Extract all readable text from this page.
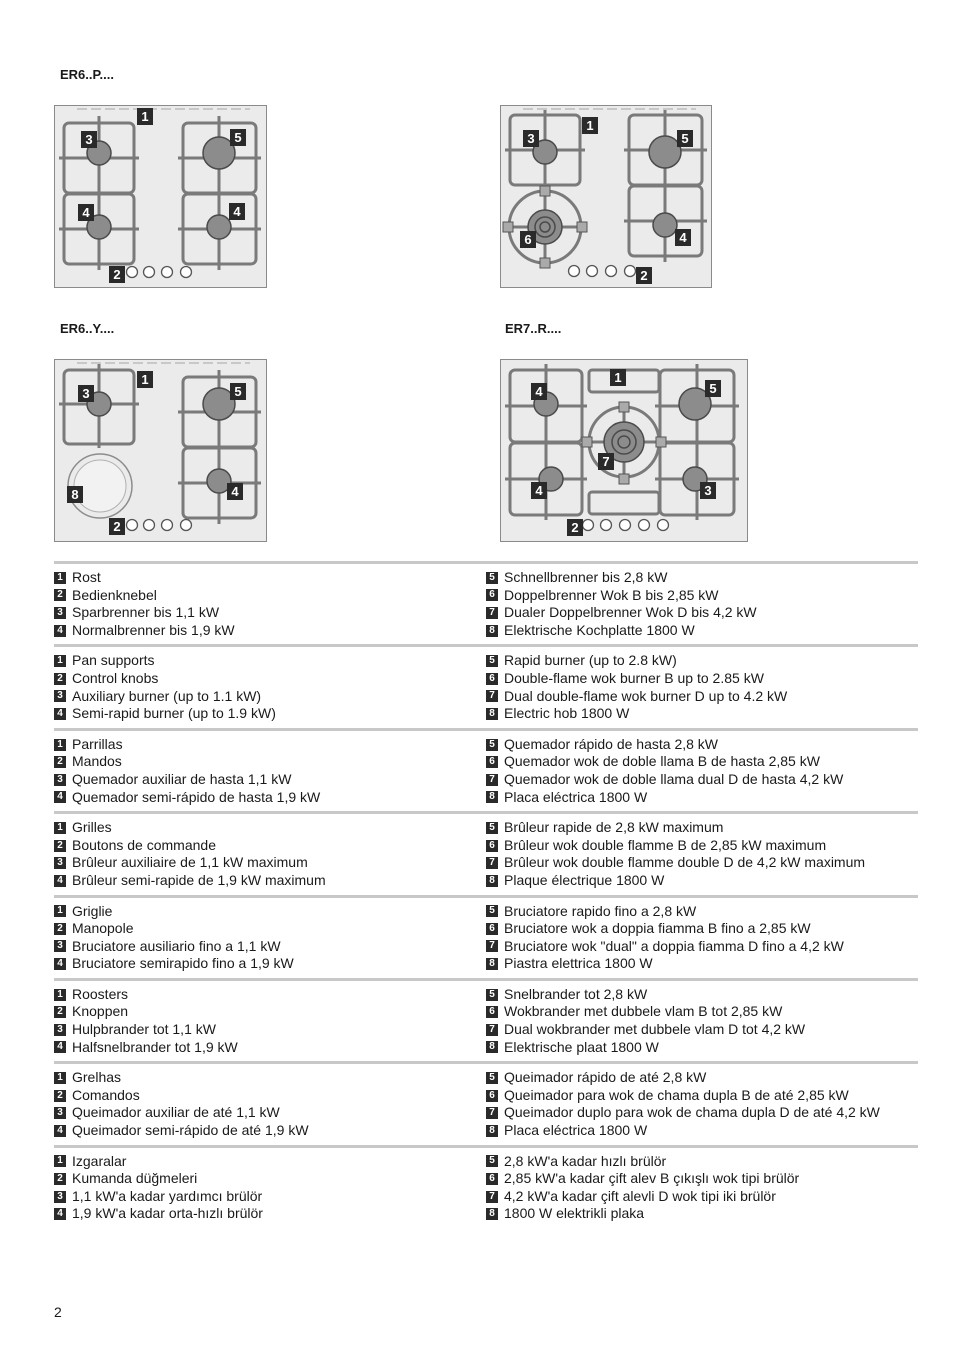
ER6..P....
1
3	5
4	4
2
1
3	5
4
6
2
ER6..Y....	ER7..R....
1
3	5
4
8
2
1
4	5
7
4	3
2
1 Rost
2 Bedienknebel
3 Sparbrenner bis 1,1 kW
4 Normalbrenner bis 1,9 kW
5 Schnellbrenner bis 2,8 kW
6 Doppelbrenner Wok B bis 2,85 kW
7 Dualer Doppelbrenner Wok D bis 4,2 kW
8 Elektrische Kochplatte 1800 W
1 Pan supports
2 Control knobs
3 Auxiliary burner (up to 1.1 kW)
4 Semi-rapid burner (up to 1.9 kW)
5 Rapid burner (up to 2.8 kW)
6 Double-flame wok burner B up to 2.85 kW
7 Dual double-flame wok burner D up to 4.2 kW
8 Electric hob 1800 W
1 Parrillas
2 Mandos
3 Quemador auxiliar de hasta 1,1 kW
4 Quemador semi-rápido de hasta 1,9 kW
5 Quemador rápido de hasta 2,8 kW
6 Quemador wok de doble llama B de hasta 2,85 kW
7 Quemador wok de doble llama dual D de hasta 4,2 kW
8 Placa eléctrica 1800 W
1 Grilles
2 Boutons de commande
3 Brûleur auxiliaire de 1,1 kW maximum
4 Brûleur semi-rapide de 1,9 kW maximum
5 Brûleur rapide de 2,8 kW maximum
6 Brûleur wok double flamme B de 2,85 kW maximum
7 Brûleur wok double flamme double D de 4,2 kW maximum
8 Plaque électrique 1800 W
1 Griglie
2 Manopole
3 Bruciatore ausiliario fino a 1,1 kW
4 Bruciatore semirapido fino a 1,9 kW
5 Bruciatore rapido fino a 2,8 kW
6 Bruciatore wok a doppia fiamma B fino a 2,85 kW
7 Bruciatore wok "dual" a doppia fiamma D fino a 4,2 kW
8 Piastra elettrica 1800 W
1 Roosters
2 Knoppen
3 Hulpbrander tot 1,1 kW
4 Halfsnelbrander tot 1,9 kW
5 Snelbrander tot 2,8 kW
6 Wokbrander met dubbele vlam B tot 2,85 kW
7 Dual wokbrander met dubbele vlam D tot 4,2 kW
8 Elektrische plaat 1800 W
1 Grelhas
2 Comandos
3 Queimador auxiliar de até 1,1 kW
4 Queimador semi-rápido de até 1,9 kW
5 Queimador rápido de até 2,8 kW
6 Queimador para wok de chama dupla B de até 2,85 kW
7 Queimador duplo para wok de chama dupla D de até 4,2 kW
8 Placa eléctrica 1800 W
1 Izgaralar
2 Kumanda düğmeleri
3 1,1 kW'a kadar yardımcı brülör
4 1,9 kW'a kadar orta-hızlı brülör
5 2,8 kW'a kadar hızlı brülör
6 2,85 kW'a kadar çift alev B çıkışlı wok tipi brülör
7 4,2 kW'a kadar çift alevli D wok tipi iki brülör
8 1800 W elektrikli plaka
2
